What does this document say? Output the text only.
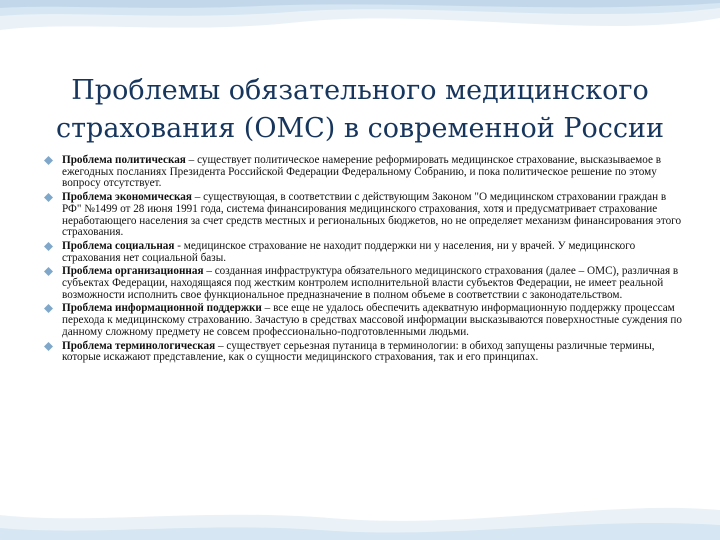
Проблемы обязательного медицинского
страхования (ОМС) в современной России
Проблема политическая – существует политическое намерение реформировать медицинское страхование, высказываемое в ежегодных посланиях Президента Российской Федерации Федеральному Собранию, и пока политическое решение по этому вопросу отсутствует.
Проблема экономическая – существующая, в соответствии с действующим Законом "О медицинском страховании граждан в РФ" №1499 от 28 июня 1991 года, система финансирования медицинского страхования, хотя и предусматривает страхование неработающего населения за счет средств местных и региональных бюджетов, но не определяет механизм финансирования этого страхования.
Проблема социальная - медицинское страхование не находит поддержки ни у населения, ни у врачей. У медицинского страхования нет социальной базы.
Проблема организационная – созданная инфраструктура обязательного медицинского страхования (далее – ОМС), различная в субъектах Федерации, находящаяся под жестким контролем исполнительной власти субъектов Федерации, не имеет реальной возможности исполнить свое функциональное предназначение в полном объеме в соответствии с законодательством.
Проблема информационной поддержки – все еще не удалось обеспечить адекватную информационную поддержку процессам перехода к медицинскому страхованию. Зачастую в средствах массовой информации высказываются поверхностные суждения по данному сложному предмету не совсем профессионально-подготовленными людьми.
Проблема терминологическая – существует серьезная путаница в терминологии: в обиход запущены различные термины, которые искажают представление, как о сущности медицинского страхования, так и его принципах.
